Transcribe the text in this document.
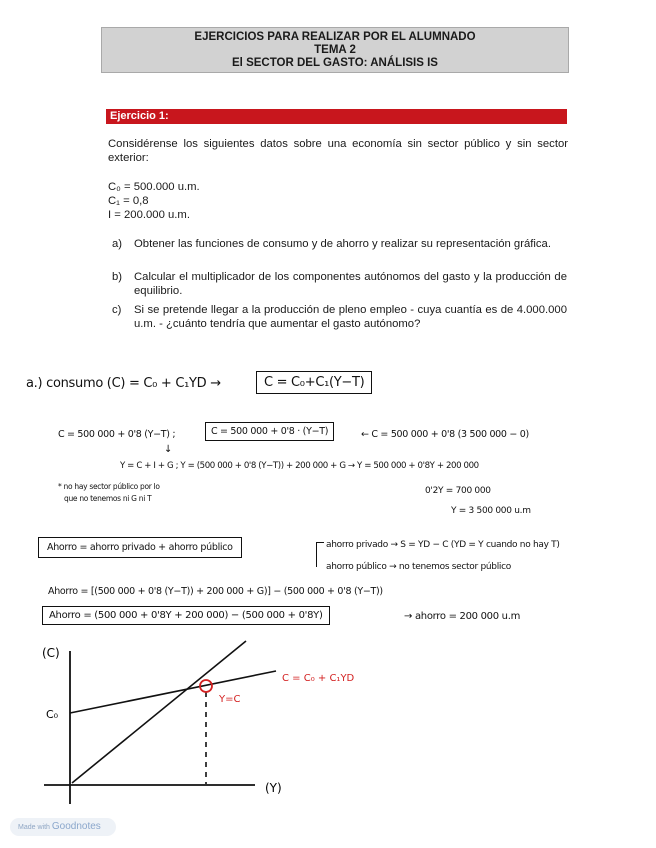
EJERCICIOS PARA REALIZAR POR EL ALUMNADO
TEMA 2
El SECTOR DEL GASTO: ANÁLISIS IS
Ejercicio 1:
Considérense los siguientes datos sobre una economía sin sector público y sin sector exterior:
C₀ = 500.000 u.m.
C₁ = 0,8
I = 200.000 u.m.
a) Obtener las funciones de consumo y de ahorro y realizar su representación gráfica.
b) Calcular el multiplicador de los componentes autónomos del gasto y la producción de equilibrio.
c) Si se pretende llegar a la producción de pleno empleo - cuya cuantía es de 4.000.000 u.m. - ¿cuánto tendría que aumentar el gasto autónomo?
a.) consumo (C) = C₀ + C₁YD →	C = C₀+C₁(Y−T)
C = 500 000 + 0'8 (Y−T) ;	C = 500 000 + 0'8 · (Y−T)	← C = 500 000 + 0'8 (3 500 000 − 0)
↓
Y = C + I + G ; Y = (500 000 + 0'8 (Y−T)) + 200 000 + G → Y = 500 000 + 0'8Y + 200 000
* no hay sector público por lo
que no tenemos ni G ni T
0'2Y = 700 000
Y = 3 500 000 u.m
Ahorro = ahorro privado + ahorro público	ahorro privado → S = YD − C (YD = Y cuando no hay T)
ahorro público → no tenemos sector público
Ahorro = [(500 000 + 0'8 (Y−T)) + 200 000 + G)] − (500 000 + 0'8 (Y−T))
Ahorro = (500 000 + 0'8Y + 200 000) − (500 000 + 0'8Y)	→ ahorro = 200 000 u.m
(C)
(Y)
C₀
C = C₀ + C₁YD
Y=C
Made with Goodnotes
